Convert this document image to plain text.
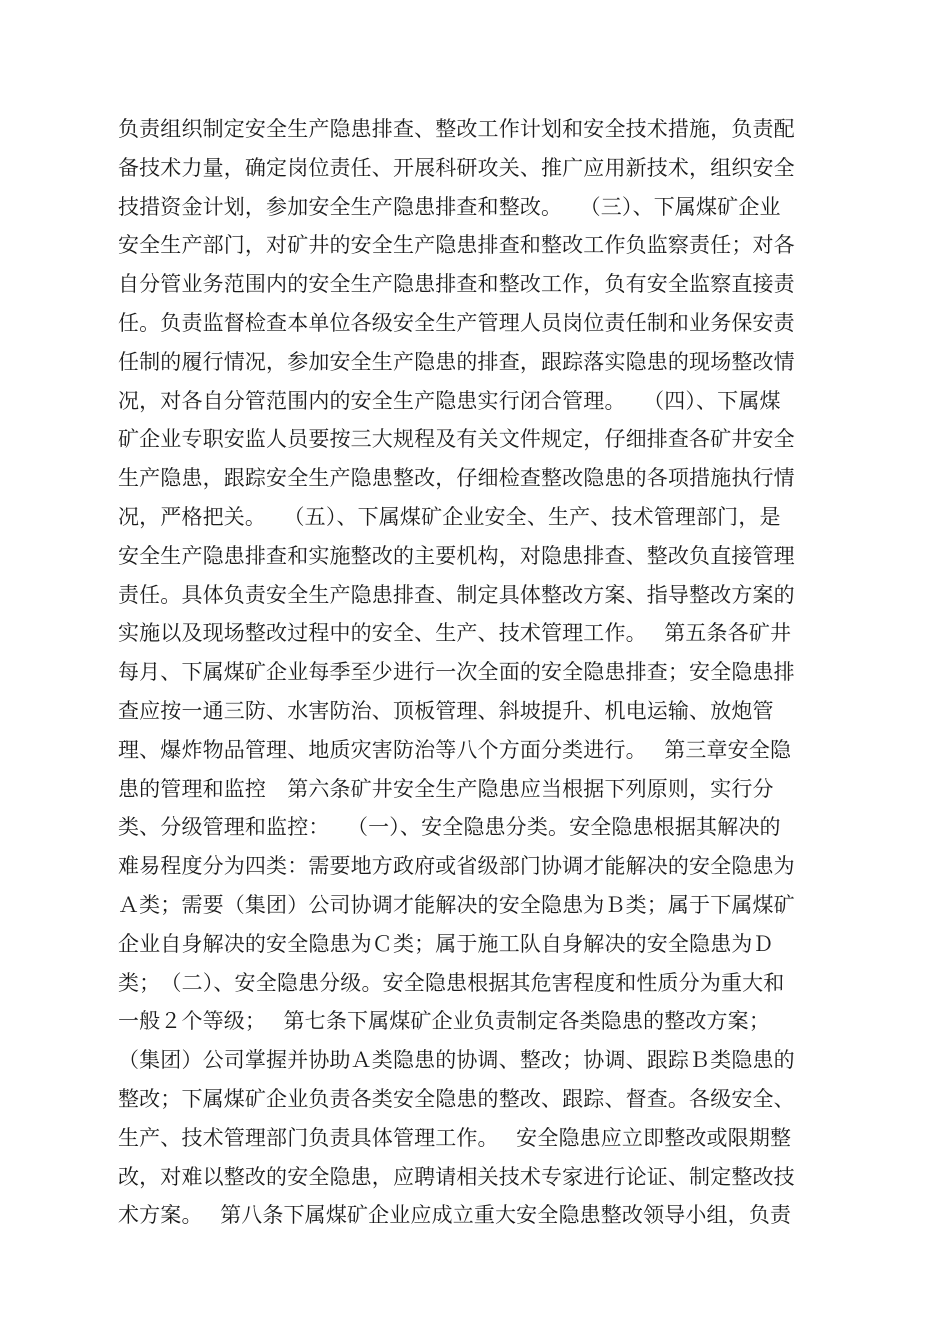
负责组织制定安全生产隐患排查、整改工作计划和安全技术措施，负责配
备技术力量，确定岗位责任、开展科研攻关、推广应用新技术，组织安全
技措资金计划，参加安全生产隐患排查和整改。　 （三）、下属煤矿企业
安全生产部门，对矿井的安全生产隐患排查和整改工作负监察责任；对各
自分管业务范围内的安全生产隐患排查和整改工作，负有安全监察直接责
任。负责监督检查本单位各级安全生产管理人员岗位责任制和业务保安责
任制的履行情况，参加安全生产隐患的排查，跟踪落实隐患的现场整改情
况，对各自分管范围内的安全生产隐患实行闭合管理。　 （四）、下属煤
矿企业专职安监人员要按三大规程及有关文件规定，仔细排查各矿井安全
生产隐患，跟踪安全生产隐患整改，仔细检查整改隐患的各项措施执行情
况，严格把关。　 （五）、下属煤矿企业安全、生产、技术管理部门，是
安全生产隐患排查和实施整改的主要机构，对隐患排查、整改负直接管理
责任。具体负责安全生产隐患排查、制定具体整改方案、指导整改方案的
实施以及现场整改过程中的安全、生产、技术管理工作。　 第五条各矿井
每月、下属煤矿企业每季至少进行一次全面的安全隐患排查；安全隐患排
查应按一通三防、水害防治、顶板管理、斜坡提升、机电运输、放炮管
理、爆炸物品管理、地质灾害防治等八个方面分类进行。　 第三章安全隐
患的管理和监控　第六条矿井安全生产隐患应当根据下列原则，实行分
类、分级管理和监控：　 （一）、安全隐患分类。安全隐患根据其解决的
难易程度分为四类：需要地方政府或省级部门协调才能解决的安全隐患为
Ａ类；需要（集团）公司协调才能解决的安全隐患为Ｂ类；属于下属煤矿
企业自身解决的安全隐患为Ｃ类；属于施工队自身解决的安全隐患为Ｄ
类；　（二）、安全隐患分级。安全隐患根据其危害程度和性质分为重大和
一般２个等级；　 第七条下属煤矿企业负责制定各类隐患的整改方案；
（集团）公司掌握并协助Ａ类隐患的协调、整改；协调、跟踪Ｂ类隐患的
整改；下属煤矿企业负责各类安全隐患的整改、跟踪、督查。各级安全、
生产、技术管理部门负责具体管理工作。　 安全隐患应立即整改或限期整
改，对难以整改的安全隐患，应聘请相关技术专家进行论证、制定整改技
术方案。　 第八条下属煤矿企业应成立重大安全隐患整改领导小组，负责
